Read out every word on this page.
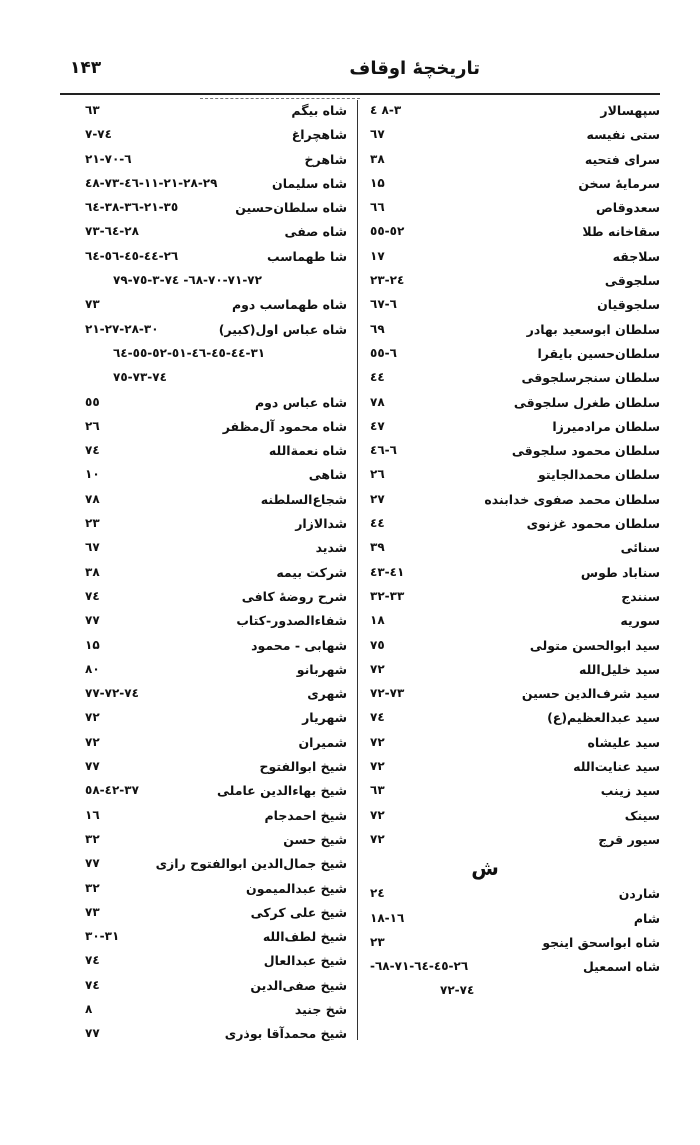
تاریخچهٔ اوقاف
۱۴۳
سپهسالار
۸-۳ ٤
ستی نفیسه
٦۷
سرای فتحیه
۳۸
سرمایهٔ سخن
۱۵
سعدوقاص
٦٦
سقاخانه طلا
٥۲-٥٥
سلاجقه
۱۷
سلجوقی
۲۳-۲٤
سلجوقیان
٦-٦۷
سلطان ابوسعید بهادر
٦۹
سلطان‌حسین بایقرا
٦-٥٥
سلطان سنجرسلجوقی
٤٤
سلطان طغرل سلجوقی
۷۸
سلطان مرادمیرزا
٤۷
سلطان محمود سلجوقی
٦-٤٦
سلطان محمدالجایتو
۲٦
سلطان محمد صفوی خدابنده
۲۷
سلطان محمود غزنوی
٤٤
سنائی
۳۹
سناباد طوس
٤۱-٤۳
سنندج
۳۲-۳۳
سوریه
۱۸
سید ابوالحسن متولی
۷٥
سید خلیل‌الله
۷۲
سید شرف‌الدین حسین
۷۲-۷۳
سید عبدالعظیم(ع)
۷٤
سید علیشاه
۷۲
سید عنایت‌الله
۷۲
سید زینب
٦۳
سینک
۷۲
سیور قرج
۷۲
ش
شاردن
۲٤
شام
۱٦-۱۸
شاه ابواسحق اینجو
۲۳
شاه اسمعیل
۲٦-٤٥-٦٤-٦۸-۷۱-
۷۲-۷٤
شاه بیگم
٦۳
شاهچراغ
۷-۷٤
شاهرخ
٦-۲۱-۷۰
شاه سلیمان
۱۱-۲۱-۲۸-۲۹-٤٦-٤۸-۷۳
شاه سلطان‌حسین
۲۱-۳٥-۳٦-۳۸-٦٤
شاه صفی
۲۸-٦٤-۷۳
شا طهماسب
۲٦-٤٤-٤٥-٥٦-٦٤
٦۸-۷۰-۷۱-۷۲- ۳-۷٤-۷٥-۷۹
شاه طهماسب دوم
۷۳
شاه عباس اول(کبیر)
۲۱-۲۷-۲۸-۳۰
۳۱-٤٤-٤٥-٤٦-٥۱-٥۲-٥٥-٦٤
۷۳-۷٤-۷٥
شاه عباس دوم
٥٥
شاه محمود آل‌مظفر
۲٦
شاه نعمةالله
۷٤
شاهی
۱۰
شجاع‌السلطنه
۷۸
شدالازار
۲۳
شدید
٦۷
شرکت بیمه
۳۸
شرح روضهٔ کافی
۷٤
شفاءالصدور-کتاب
۷۷
شهابی - محمود
۱۵
شهربانو
۸۰
شهری
۷۲-۷٤-۷۷
شهریار
۷۲
شمیران
۷۲
شیخ ابوالفتوح
۷۷
شیخ بهاءالدین عاملی
۳۷-٤۲-٥۸
شیخ احمدجام
۱٦
شیخ حسن
۳۲
شیخ جمال‌الدین ابوالفتوح رازی
۷۷
شیخ عبدالمیمون
۳۲
شیخ علی کرکی
۷۳
شیخ لطف‌الله
۳۰-۳۱
شیخ عبدالعال
۷٤
شیخ صفی‌الدین
۷٤
شخ جنید
۸
شیخ محمدآقا بوذری
۷۷
